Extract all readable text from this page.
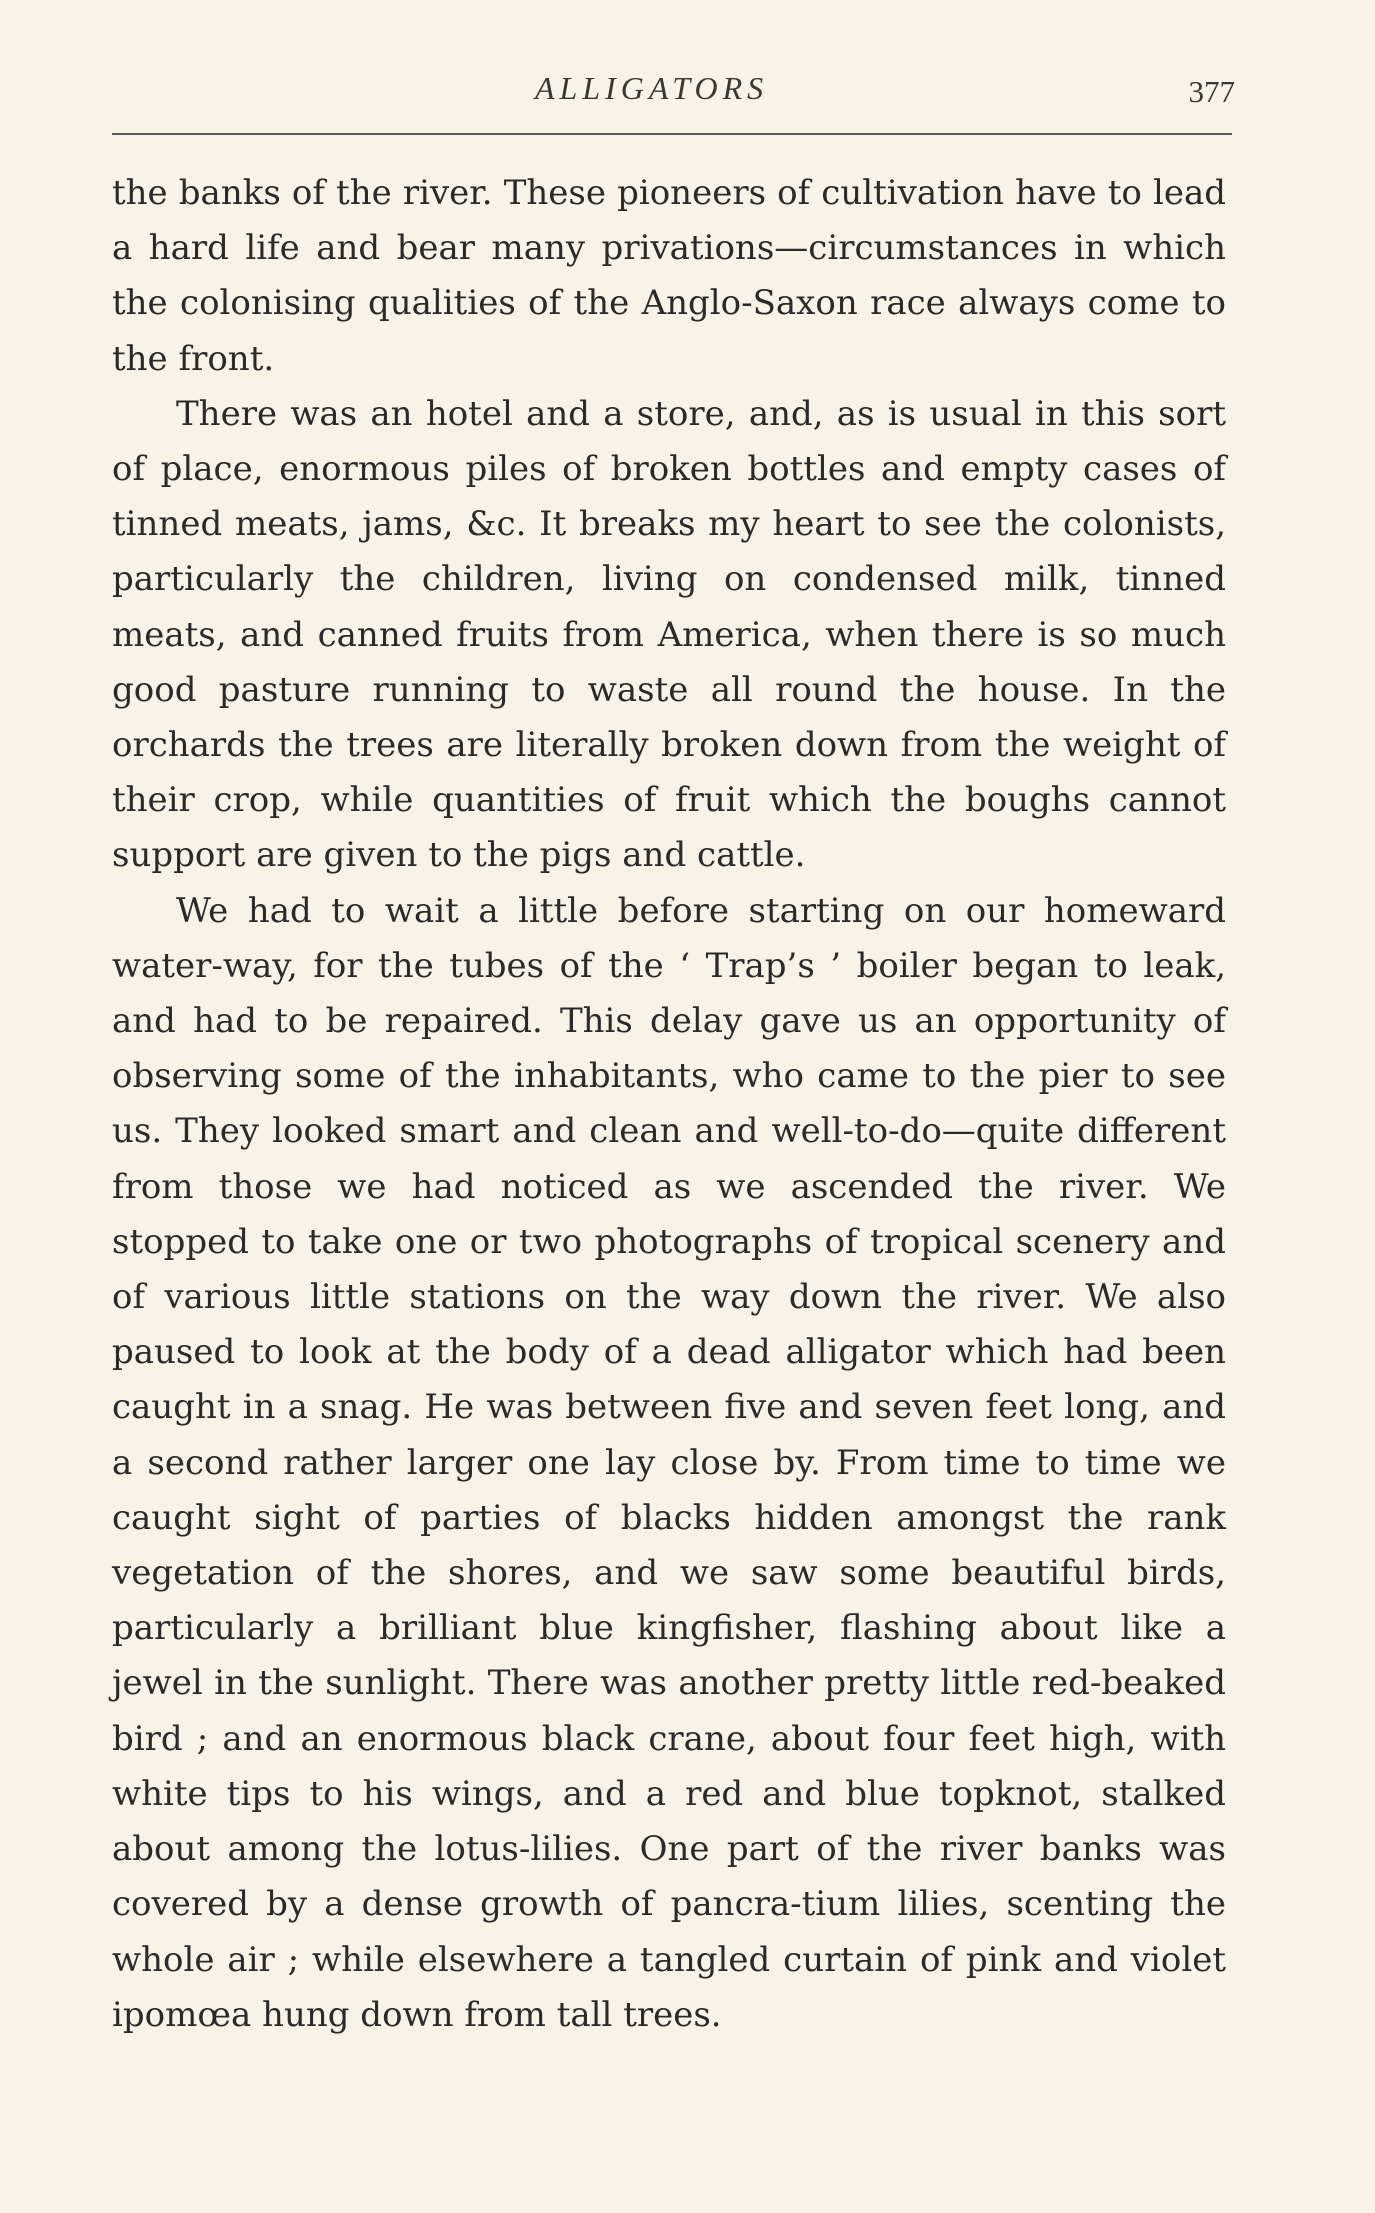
ALLIGATORS	377

the banks of the river. These pioneers of cultivation have to lead a hard life and bear many privations—circumstances in which the colonising qualities of the Anglo-Saxon race always come to the front.

There was an hotel and a store, and, as is usual in this sort of place, enormous piles of broken bottles and empty cases of tinned meats, jams, &c. It breaks my heart to see the colonists, particularly the children, living on condensed milk, tinned meats, and canned fruits from America, when there is so much good pasture running to waste all round the house. In the orchards the trees are literally broken down from the weight of their crop, while quantities of fruit which the boughs cannot support are given to the pigs and cattle.

We had to wait a little before starting on our homeward water-way, for the tubes of the ‘ Trap’s ’ boiler began to leak, and had to be repaired. This delay gave us an opportunity of observing some of the inhabitants, who came to the pier to see us. They looked smart and clean and well-to-do—quite different from those we had noticed as we ascended the river. We stopped to take one or two photographs of tropical scenery and of various little stations on the way down the river. We also paused to look at the body of a dead alligator which had been caught in a snag. He was between five and seven feet long, and a second rather larger one lay close by. From time to time we caught sight of parties of blacks hidden amongst the rank vegetation of the shores, and we saw some beautiful birds, particularly a brilliant blue kingfisher, flashing about like a jewel in the sunlight. There was another pretty little red-beaked bird ; and an enormous black crane, about four feet high, with white tips to his wings, and a red and blue topknot, stalked about among the lotus-lilies. One part of the river banks was covered by a dense growth of pancra-tium lilies, scenting the whole air ; while elsewhere a tangled curtain of pink and violet ipomœa hung down from tall trees.
